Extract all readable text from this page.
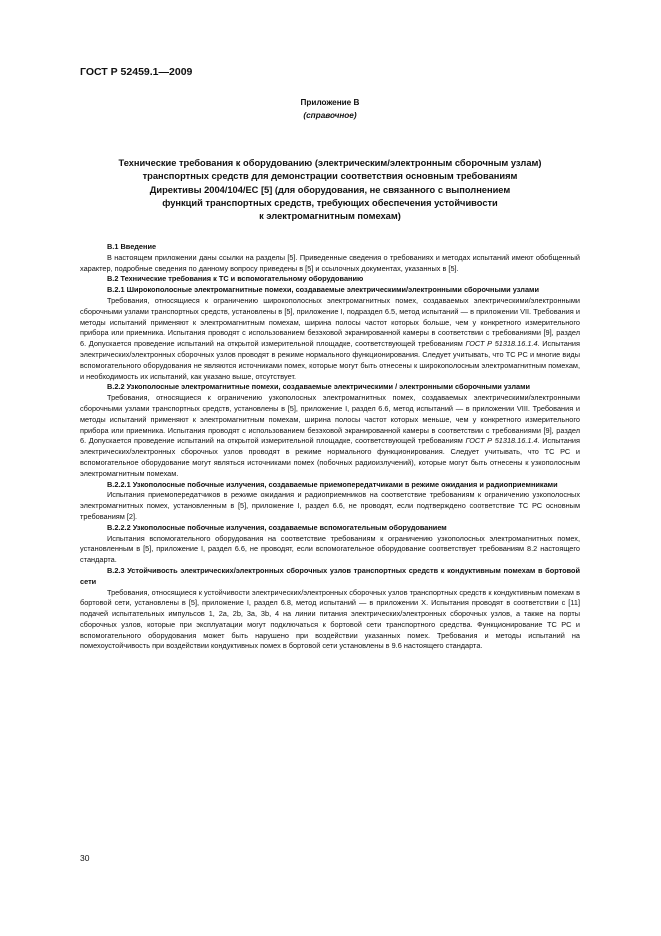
ГОСТ Р 52459.1—2009
Приложение В
(справочное)
Технические требования к оборудованию (электрическим/электронным сборочным узлам)
транспортных средств для демонстрации соответствия основным требованиям
Директивы 2004/104/ЕС [5] (для оборудования, не связанного с выполнением
функций транспортных средств, требующих обеспечения устойчивости
к электромагнитным помехам)

В.1 Введение

В настоящем приложении даны ссылки на разделы [5]. Приведенные сведения о требованиях и методах испытаний имеют обобщенный характер, подробные сведения по данному вопросу приведены в [5] и ссылочных документах, указанных в [5].

В.2 Технические требования к ТС и вспомогательному оборудованию

В.2.1 Широкополосные электромагнитные помехи, создаваемые электрическими/электронными сборочными узлами

Требования, относящиеся к ограничению широкополосных электромагнитных помех, создаваемых электрическими/электронными сборочными узлами транспортных средств, установлены в [5], приложение I, подраздел 6.5, метод испытаний — в приложении VII. Требования и методы испытаний применяют к электромагнитным помехам, ширина полосы частот которых больше, чем у конкретного измерительного прибора или приемника. Испытания проводят с использованием безэховой экранированной камеры в соответствии с требованиями [9], раздел 6. Допускается проведение испытаний на открытой измерительной площадке, соответствующей требованиям ГОСТ Р 51318.16.1.4. Испытания электрических/электронных сборочных узлов проводят в режиме нормального функционирования. Следует учитывать, что ТС РС и многие виды вспомогательного оборудования не являются источниками помех, которые могут быть отнесены к широкополосным электромагнитным помехам, и необходимость их испытаний, как указано выше, отсутствует.

В.2.2 Узкополосные электромагнитные помехи, создаваемые электрическими / электронными сборочными узлами

Требования, относящиеся к ограничению узкополосных электромагнитных помех, создаваемых электрическими/электронными сборочными узлами транспортных средств, установлены в [5], приложение I, раздел 6.6, метод испытаний — в приложении VIII. Требования и методы испытаний применяют к электромагнитным помехам, ширина полосы частот которых меньше, чем у конкретного измерительного прибора или приемника. Испытания проводят с использованием безэховой экранированной камеры в соответствии с требованиями [9], раздел 6. Допускается проведение испытаний на открытой измерительной площадке, соответствующей требованиям ГОСТ Р 51318.16.1.4. Испытания электрических/электронных сборочных узлов проводят в режиме нормального функционирования. Следует учитывать, что ТС РС и вспомогательное оборудование могут являться источниками помех (побочных радиоизлучений), которые могут быть отнесены к узкополосным электромагнитным помехам.

В.2.2.1 Узкополосные побочные излучения, создаваемые приемопередатчиками в режиме ожидания и радиоприемниками

Испытания приемопередатчиков в режиме ожидания и радиоприемников на соответствие требованиям к ограничению узкополосных электромагнитных помех, установленным в [5], приложение I, раздел 6.6, не проводят, если подтверждено соответствие ТС РС основным требованиям [2].

В.2.2.2 Узкополосные побочные излучения, создаваемые вспомогательным оборудованием

Испытания вспомогательного оборудования на соответствие требованиям к ограничению узкополосных электромагнитных помех, установленным в [5], приложение I, раздел 6.6, не проводят, если вспомогательное оборудование соответствует требованиям 8.2 настоящего стандарта.

В.2.3 Устойчивость электрических/электронных сборочных узлов транспортных средств к кондуктивным помехам в бортовой сети

Требования, относящиеся к устойчивости электрических/электронных сборочных узлов транспортных средств к кондуктивным помехам в бортовой сети, установлены в [5], приложение I, раздел 6.8, метод испытаний — в приложении X. Испытания проводят в соответствии с [11] подачей испытательных импульсов 1, 2a, 2b, 3a, 3b, 4 на линии питания электрических/электронных сборочных узлов, а также на порты сборочных узлов, которые при эксплуатации могут подключаться к бортовой сети транспортного средства. Функционирование ТС РС и вспомогательного оборудования может быть нарушено при воздействии указанных помех. Требования и методы испытаний на помехоустойчивость при воздействии кондуктивных помех в бортовой сети установлены в 9.6 настоящего стандарта.

30
